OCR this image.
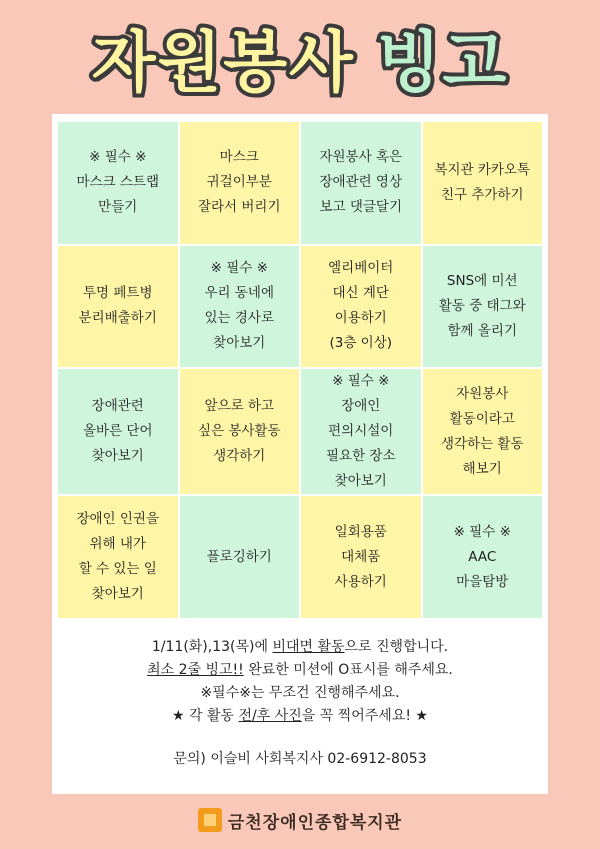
자원봉사 빙고
※ 필수 ※
마스크 스트랩
만들기
마스크
귀걸이부분
잘라서 버리기
자원봉사 혹은
장애관련 영상
보고 댓글달기
복지관 카카오톡
친구 추가하기
투명 페트병
분리배출하기
※ 필수 ※
우리 동네에
있는 경사로
찾아보기
엘리베이터
대신 계단
이용하기
(3층 이상)
SNS에 미션
활동 중 태그와
함께 올리기
장애관련
올바른 단어
찾아보기
앞으로 하고
싶은 봉사활동
생각하기
※ 필수 ※
장애인
편의시설이
필요한 장소
찾아보기
자원봉사
활동이라고
생각하는 활동
해보기
장애인 인권을
위해 내가
할 수 있는 일
찾아보기
플로깅하기
일회용품
대체품
사용하기
※ 필수 ※
AAC
마을탐방

1/11(화),13(목)에 비대면 활동으로 진행합니다.

최소 2줄 빙고!! 완료한 미션에 O표시를 해주세요.

※필수※는 무조건 진행해주세요.

★ 각 활동 전/후 사진을 꼭 찍어주세요! ★

문의) 이슬비 사회복지사 02-6912-8053

금천장애인종합복지관
